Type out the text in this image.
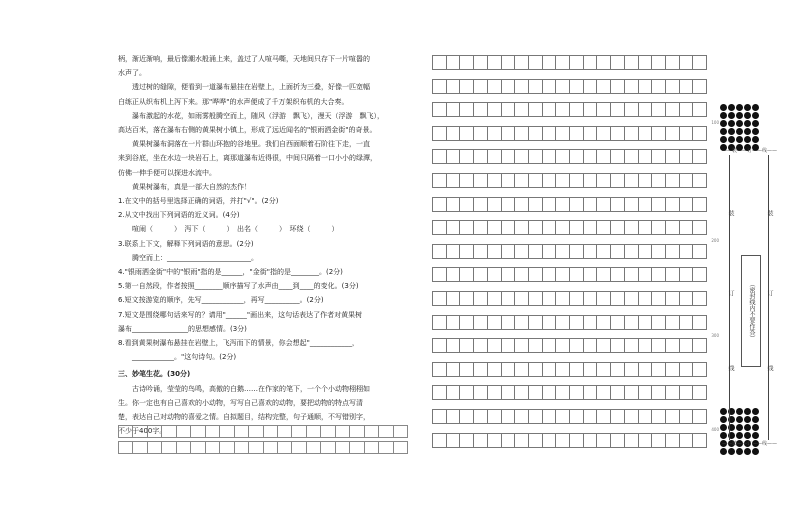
柄，渐近渐响，最后像潮水般涌上来，盖过了人喧马嘶，天地间只存下一片喧嚣的

水声了。

透过树的缝隙，便看到一道瀑布悬挂在岩壁上，上面折为三叠，好像一匹宽幅

白练正从织布机上泻下来。那"哗哗"的水声便成了千万架织布机的大合奏。

瀑布激起的水花，如雨雾般腾空而上，随风（浮游　飘飞），漫天（浮游　飘飞），

高达百米，落在瀑布右侧的黄果树小镇上，形成了远近闻名的"银雨洒金街"的奇景。

黄果树瀑布洞落在一片群山环抱的谷地里。我们自西面顺着石阶往下走，一直

来到谷底，坐在水边一块岩石上，离那道瀑布近得很，中间只隔着一口小小的绿潭，

仿佛一伸手便可以探进水流中。

黄果树瀑布，真是一部大自然的杰作！

1.在文中的括号里选择正确的词语，并打"√"。(2分)

2.从文中找出下列词语的近义词。(4分)

喧闹（　　　）　泻下（　　　）　出名（　　　）　环绕（　　　）

3.联系上下文，解释下列词语的意思。(2分)

腾空而上：________________________。

4."银雨洒金街"中的"银雨"指的是______，"金街"指的是________。(2分)

5.第一自然段，作者按照________顺序描写了水声由____到____的变化。(3分)

6.短文按游览的顺序，先写____________，再写__________。(2分)

7.短文是围绕哪句话来写的？请用"______"画出来，这句话表达了作者对黄果树

瀑布________________的思想感情。(3分)

8.看到黄果树瀑布悬挂在岩壁上，飞泻而下的情景，你会想起"____________，

____________。"这句诗句。(2分)

三、妙笔生花。(30分)

古诗吟诵，莹莹的鸟鸣，高傲的白鹅……在作家的笔下，一个个小动物栩栩如

生。你一定也有自己喜欢的小动物，写写自己喜欢的动物，要把动物的特点写清

楚，表达自己对动物的喜爱之情。自拟题目，结构完整，句子通顺，不写错别字，

不少于400字。

100
200
300
400
——装——订——线——
——装——订——线——
装	装
订	订
线	线
（密封线内不要作答）
